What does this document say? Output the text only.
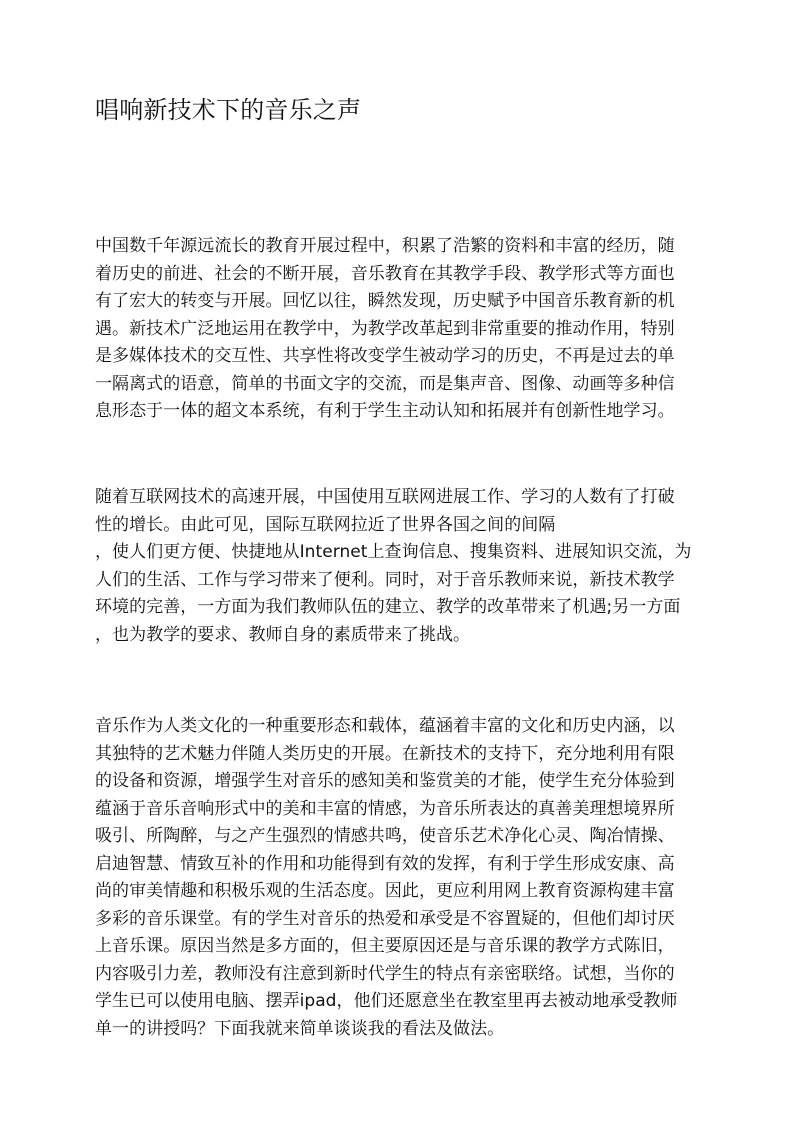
唱响新技术下的音乐之声
中国数千年源远流长的教育开展过程中，积累了浩繁的资料和丰富的经历，随
着历史的前进、社会的不断开展，音乐教育在其教学手段、教学形式等方面也
有了宏大的转变与开展。回忆以往，瞬然发现，历史赋予中国音乐教育新的机
遇。新技术广泛地运用在教学中，为教学改革起到非常重要的推动作用，特别
是多媒体技术的交互性、共享性将改变学生被动学习的历史，不再是过去的单
一隔离式的语意，简单的书面文字的交流，而是集声音、图像、动画等多种信
息形态于一体的超文本系统，有利于学生主动认知和拓展并有创新性地学习。
随着互联网技术的高速开展，中国使用互联网进展工作、学习的人数有了打破
性的增长。由此可见，国际互联网拉近了世界各国之间的间隔
，使人们更方便、快捷地从Internet上查询信息、搜集资料、进展知识交流，为
人们的生活、工作与学习带来了便利。同时，对于音乐教师来说，新技术教学
环境的完善，一方面为我们教师队伍的建立、教学的改革带来了机遇;另一方面
，也为教学的要求、教师自身的素质带来了挑战。
音乐作为人类文化的一种重要形态和载体，蕴涵着丰富的文化和历史内涵，以
其独特的艺术魅力伴随人类历史的开展。在新技术的支持下，充分地利用有限
的设备和资源，增强学生对音乐的感知美和鉴赏美的才能，使学生充分体验到
蕴涵于音乐音响形式中的美和丰富的情感，为音乐所表达的真善美理想境界所
吸引、所陶醉，与之产生强烈的情感共鸣，使音乐艺术净化心灵、陶冶情操、
启迪智慧、情致互补的作用和功能得到有效的发挥，有利于学生形成安康、高
尚的审美情趣和积极乐观的生活态度。因此，更应利用网上教育资源构建丰富
多彩的音乐课堂。有的学生对音乐的热爱和承受是不容置疑的，但他们却讨厌
上音乐课。原因当然是多方面的，但主要原因还是与音乐课的教学方式陈旧，
内容吸引力差，教师没有注意到新时代学生的特点有亲密联络。试想，当你的
学生已可以使用电脑、摆弄ipad，他们还愿意坐在教室里再去被动地承受教师
单一的讲授吗？下面我就来简单谈谈我的看法及做法。
